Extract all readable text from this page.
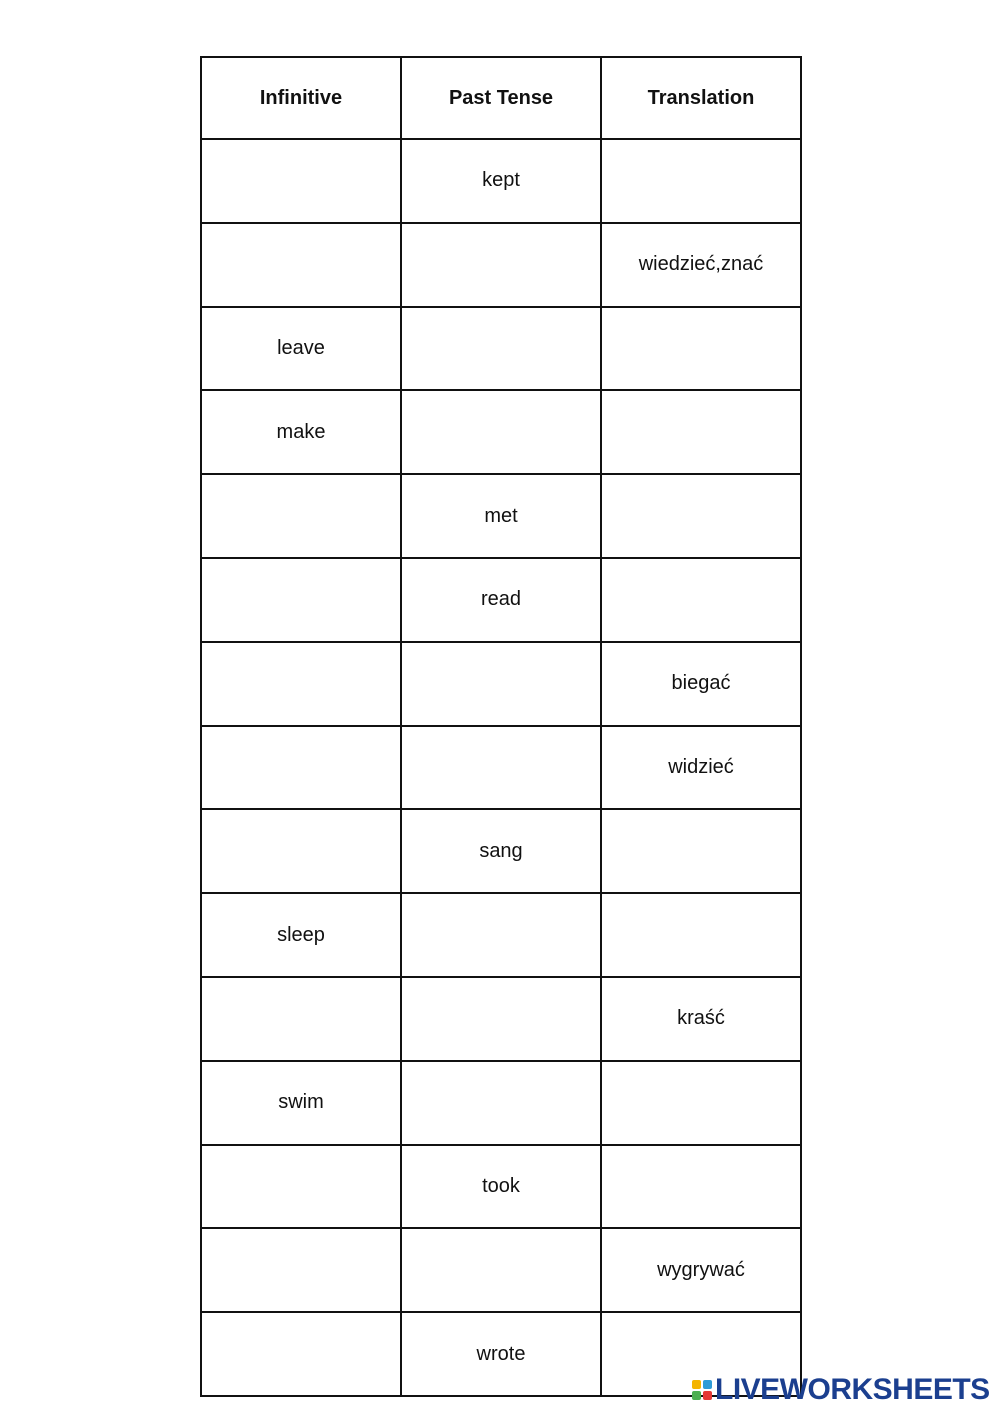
Infinitive	Past Tense	Translation
	kept	
		wiedzieć,znać
leave		
make		
	met	
	read	
		biegać
		widzieć
	sang	
sleep		
		kraść
swim		
	took	
		wygrywać
	wrote	
LIVEWORKSHEETS
